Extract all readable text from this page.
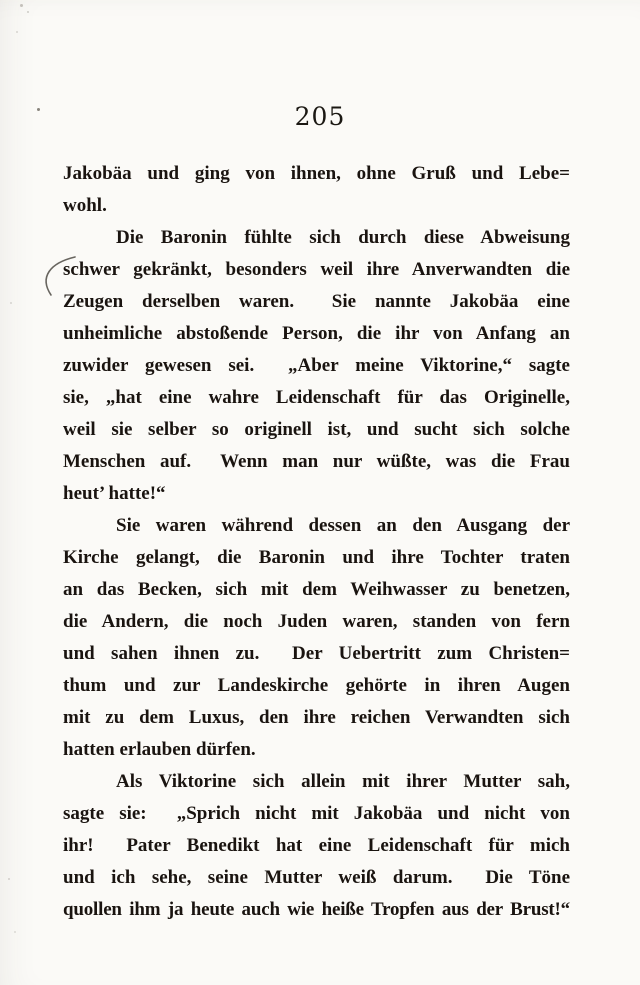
205
Jakobäa und ging von ihnen, ohne Gruß und Lebe=
wohl.
Die Baronin fühlte sich durch diese Abweisung
schwer gekränkt, besonders weil ihre Anverwandten die
Zeugen derselben waren.  Sie nannte Jakobäa eine
unheimliche abstoßende Person, die ihr von Anfang an
zuwider gewesen sei.  „Aber meine Viktorine,“ sagte
sie, „hat eine wahre Leidenschaft für das Originelle,
weil sie selber so originell ist, und sucht sich solche
Menschen auf.  Wenn man nur wüßte, was die Frau
heut’ hatte!“
Sie waren während dessen an den Ausgang der
Kirche gelangt, die Baronin und ihre Tochter traten
an das Becken, sich mit dem Weihwasser zu benetzen,
die Andern, die noch Juden waren, standen von fern
und sahen ihnen zu.  Der Uebertritt zum Christen=
thum und zur Landeskirche gehörte in ihren Augen
mit zu dem Luxus, den ihre reichen Verwandten sich
hatten erlauben dürfen.
Als Viktorine sich allein mit ihrer Mutter sah,
sagte sie:  „Sprich nicht mit Jakobäa und nicht von
ihr!  Pater Benedikt hat eine Leidenschaft für mich
und ich sehe, seine Mutter weiß darum.  Die Töne
quollen ihm ja heute auch wie heiße Tropfen aus der Brust!“
